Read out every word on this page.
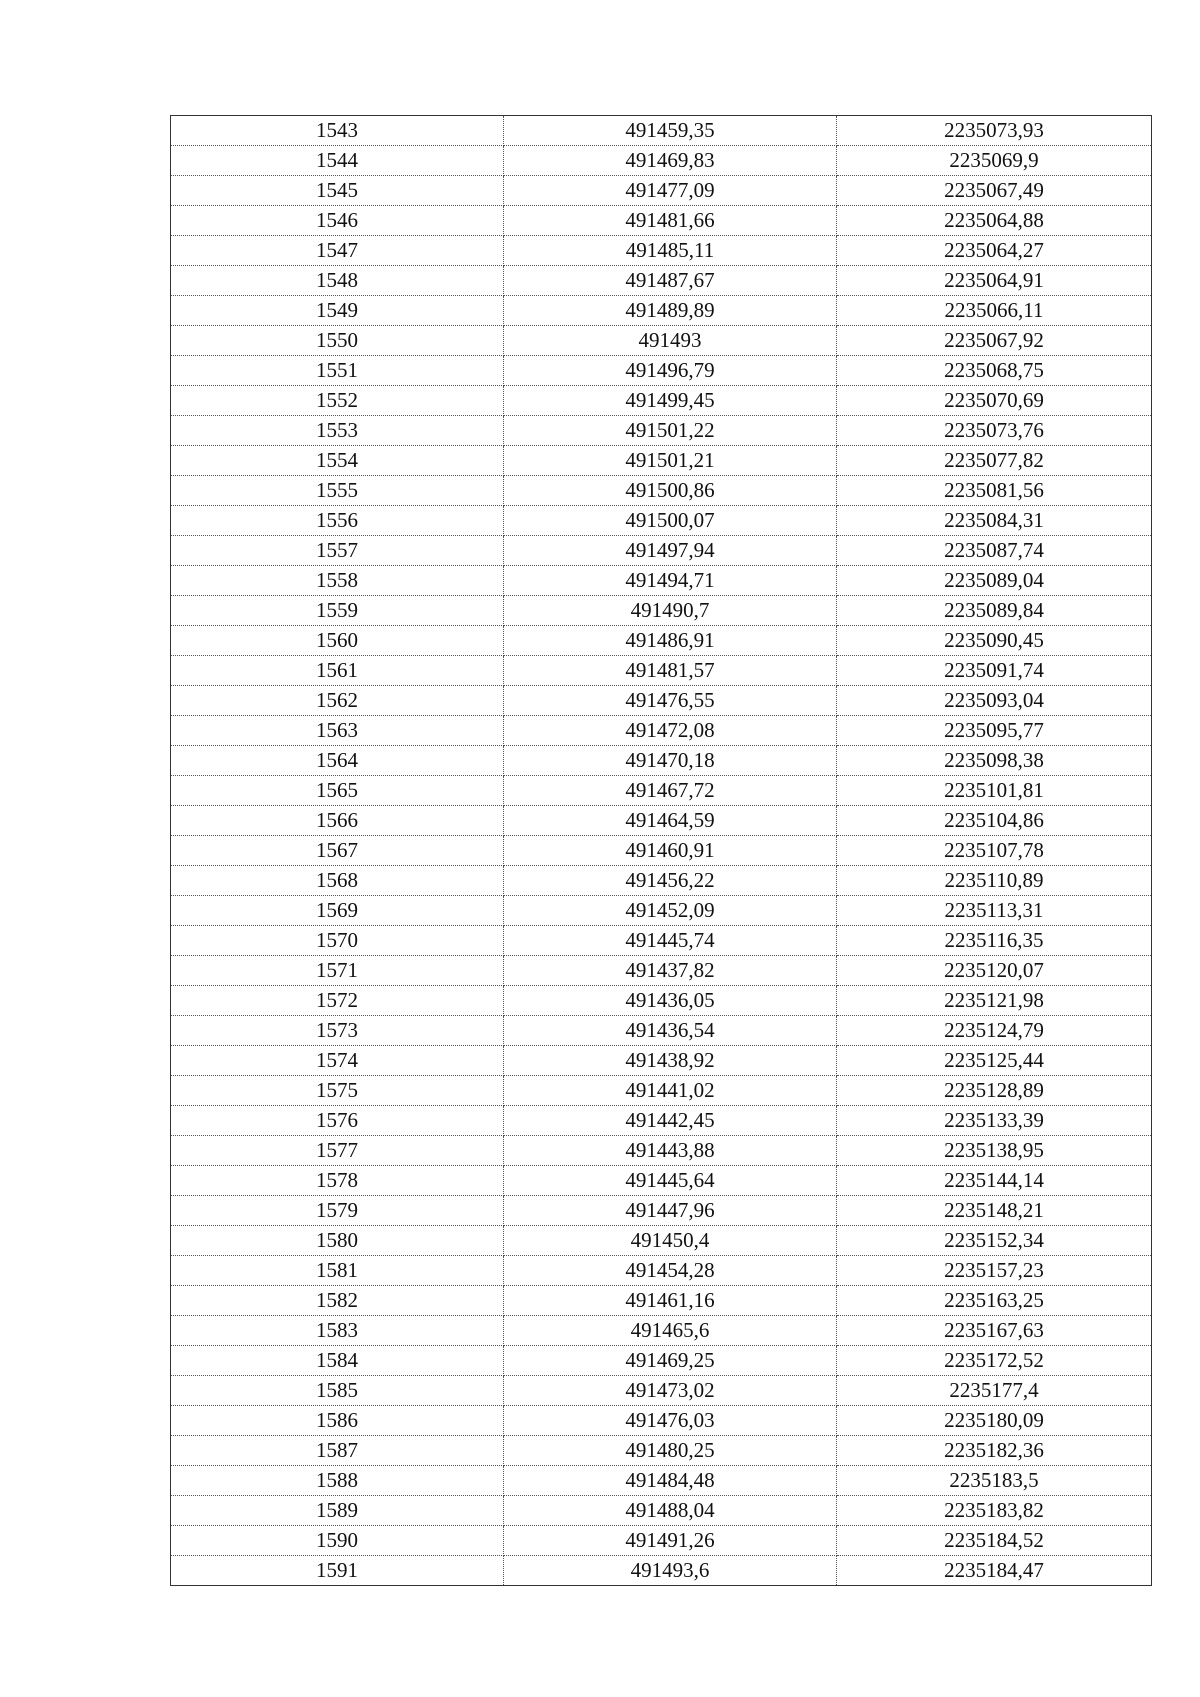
1543	491459,35	2235073,93
1544	491469,83	2235069,9
1545	491477,09	2235067,49
1546	491481,66	2235064,88
1547	491485,11	2235064,27
1548	491487,67	2235064,91
1549	491489,89	2235066,11
1550	491493	2235067,92
1551	491496,79	2235068,75
1552	491499,45	2235070,69
1553	491501,22	2235073,76
1554	491501,21	2235077,82
1555	491500,86	2235081,56
1556	491500,07	2235084,31
1557	491497,94	2235087,74
1558	491494,71	2235089,04
1559	491490,7	2235089,84
1560	491486,91	2235090,45
1561	491481,57	2235091,74
1562	491476,55	2235093,04
1563	491472,08	2235095,77
1564	491470,18	2235098,38
1565	491467,72	2235101,81
1566	491464,59	2235104,86
1567	491460,91	2235107,78
1568	491456,22	2235110,89
1569	491452,09	2235113,31
1570	491445,74	2235116,35
1571	491437,82	2235120,07
1572	491436,05	2235121,98
1573	491436,54	2235124,79
1574	491438,92	2235125,44
1575	491441,02	2235128,89
1576	491442,45	2235133,39
1577	491443,88	2235138,95
1578	491445,64	2235144,14
1579	491447,96	2235148,21
1580	491450,4	2235152,34
1581	491454,28	2235157,23
1582	491461,16	2235163,25
1583	491465,6	2235167,63
1584	491469,25	2235172,52
1585	491473,02	2235177,4
1586	491476,03	2235180,09
1587	491480,25	2235182,36
1588	491484,48	2235183,5
1589	491488,04	2235183,82
1590	491491,26	2235184,52
1591	491493,6	2235184,47
